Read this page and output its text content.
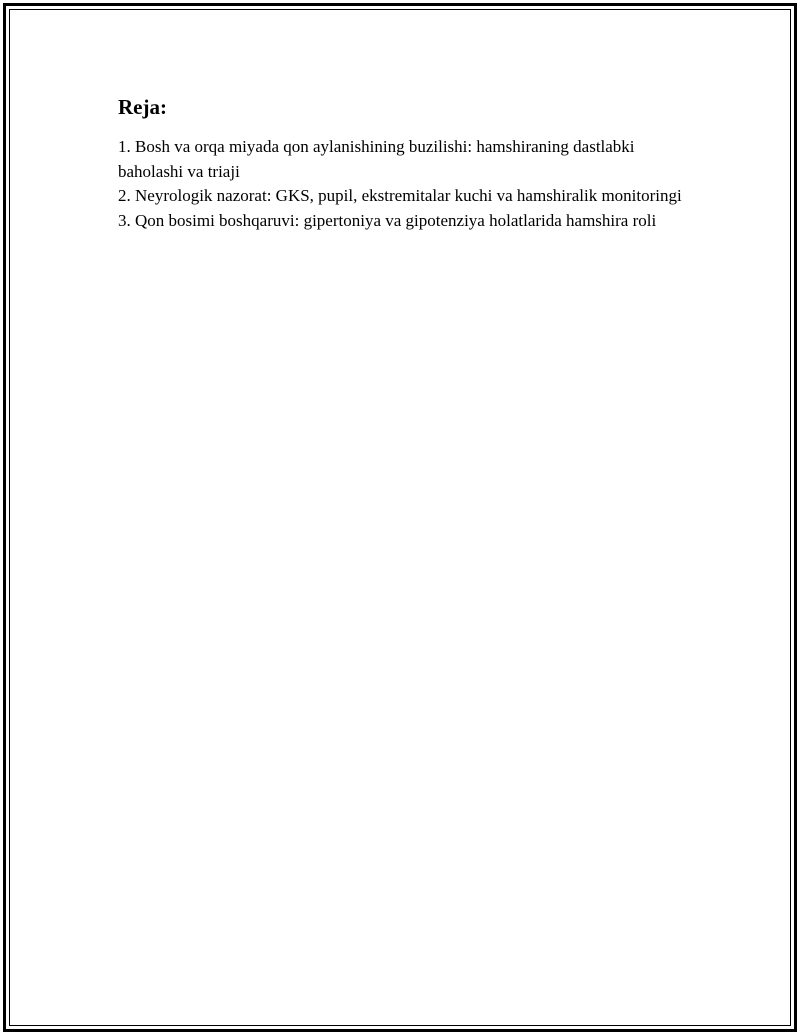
Reja:
1. Bosh va orqa miyada qon aylanishining buzilishi: hamshiraning dastlabki baholashi va triaji
2. Neyrologik nazorat: GKS, pupil, ekstremitalar kuchi va hamshiralik monitoringi
3. Qon bosimi boshqaruvi: gipertoniya va gipotenziya holatlarida hamshira roli
